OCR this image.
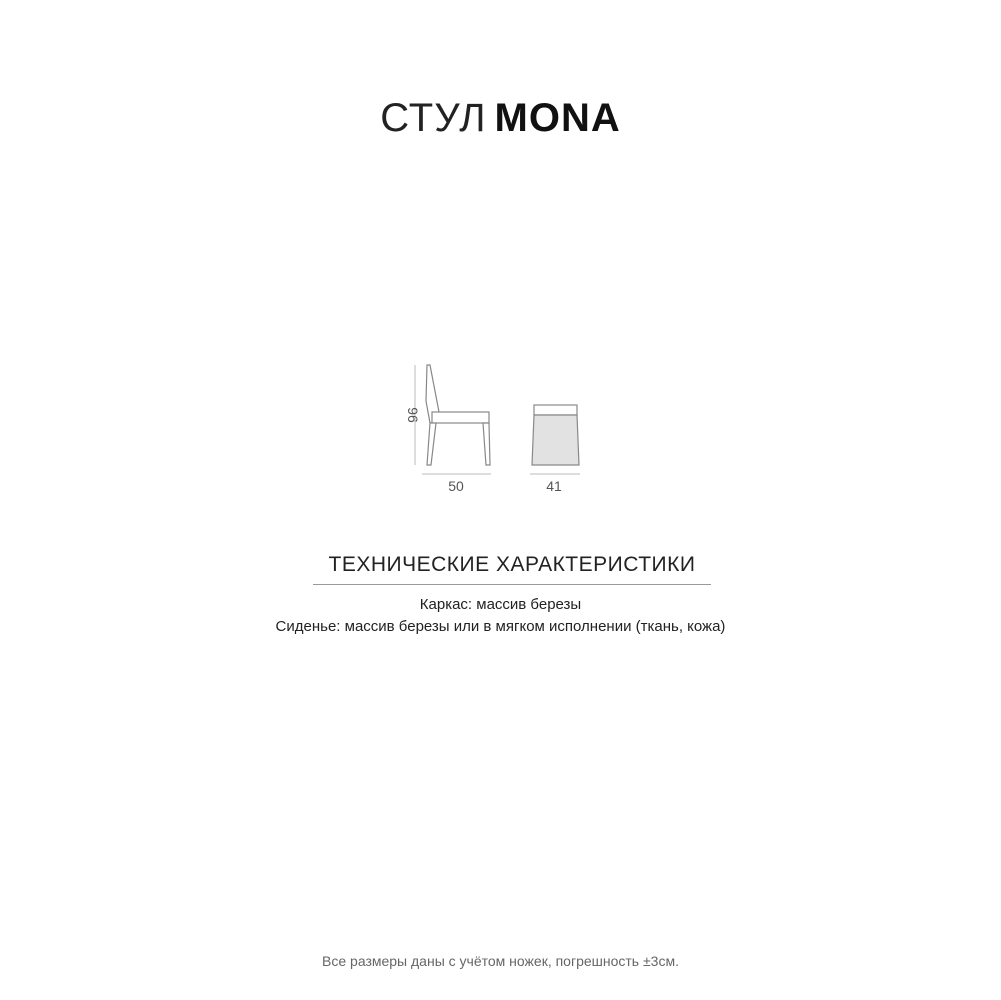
СТУЛ MONA
96
50	41
ТЕХНИЧЕСКИЕ ХАРАКТЕРИСТИКИ
Каркас: массив березы
Сиденье: массив березы или в мягком исполнении (ткань, кожа)
Все размеры даны с учётом ножек, погрешность ±3см.
